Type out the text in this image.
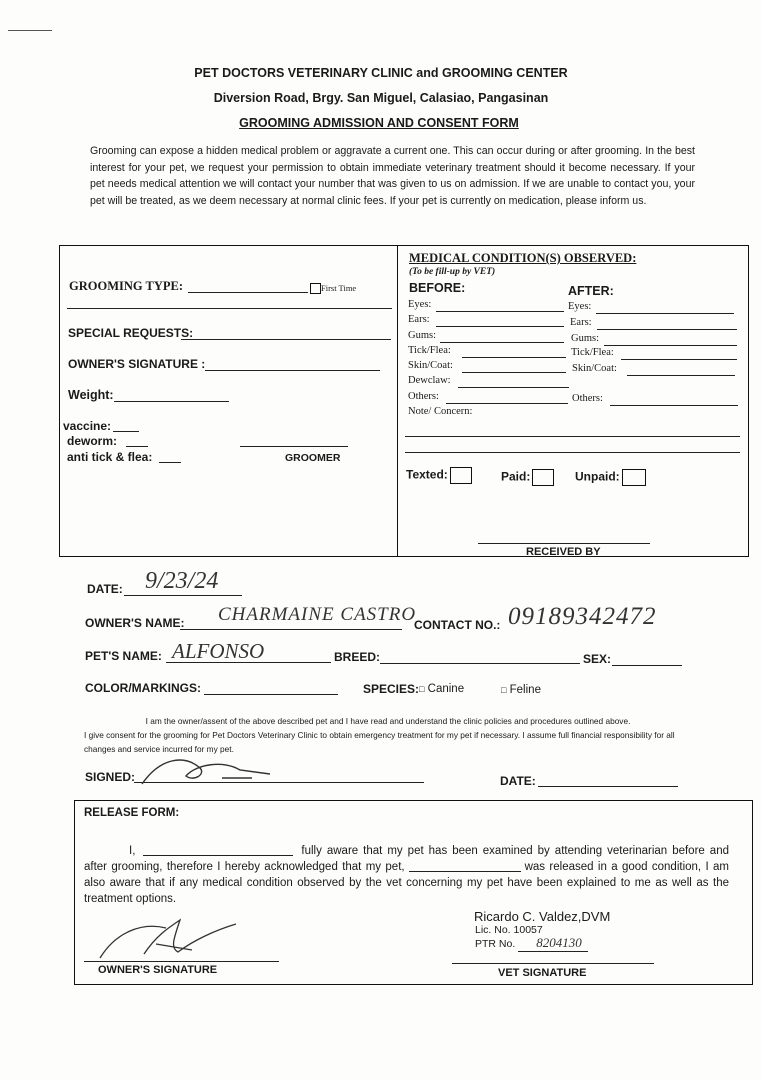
PET DOCTORS VETERINARY CLINIC and GROOMING CENTER
Diversion Road, Brgy. San Miguel, Calasiao, Pangasinan
GROOMING ADMISSION AND CONSENT FORM
Grooming can expose a hidden medical problem or aggravate a current one. This can occur during or after grooming. In the best interest for your pet, we request your permission to obtain immediate veterinary treatment should it become necessary. If your pet needs medical attention we will contact your number that was given to us on admission. If we are unable to contact you, your pet will be treated, as we deem necessary at normal clinic fees. If your pet is currently on medication, please inform us.
GROOMING TYPE:	First Time
SPECIAL REQUESTS:
OWNER'S SIGNATURE :
Weight:
vaccine:
deworm:
anti tick & flea:	GROOMER
MEDICAL CONDITION(S) OBSERVED:
(To be fill-up by VET)
BEFORE:	AFTER:
Eyes:	Eyes:
Ears:	Ears:
Gums:	Gums:
Tick/Flea:	Tick/Flea:
Skin/Coat:	Skin/Coat:
Dewclaw:
Others:	Others:
Note/ Concern:
Texted:	Paid:	Unpaid:
RECEIVED BY
DATE: 9/23/24
OWNER'S NAME: CHARMAINE CASTRO
CONTACT NO.: 09189342472
PET'S NAME: ALFONSO	BREED:	SEX:
COLOR/MARKINGS:	SPECIES: □ Canine	□ Feline
I am the owner/assent of the above described pet and I have read and understand the clinic policies and procedures outlined above.
I give consent for the grooming for Pet Doctors Veterinary Clinic to obtain emergency treatment for my pet if necessary. I assume full financial responsibility for all changes and service incurred for my pet.
SIGNED:	DATE:
RELEASE FORM:
I,	fully aware that my pet has been examined by attending veterinarian before and after grooming, therefore I hereby acknowledged that my pet,	was released in a good condition, I am also aware that if any medical condition observed by the vet concerning my pet have been explained to me as well as the treatment options.
Ricardo C. Valdez,DVM
Lic. No. 10057
PTR No. 8204130
OWNER'S SIGNATURE	VET SIGNATURE
